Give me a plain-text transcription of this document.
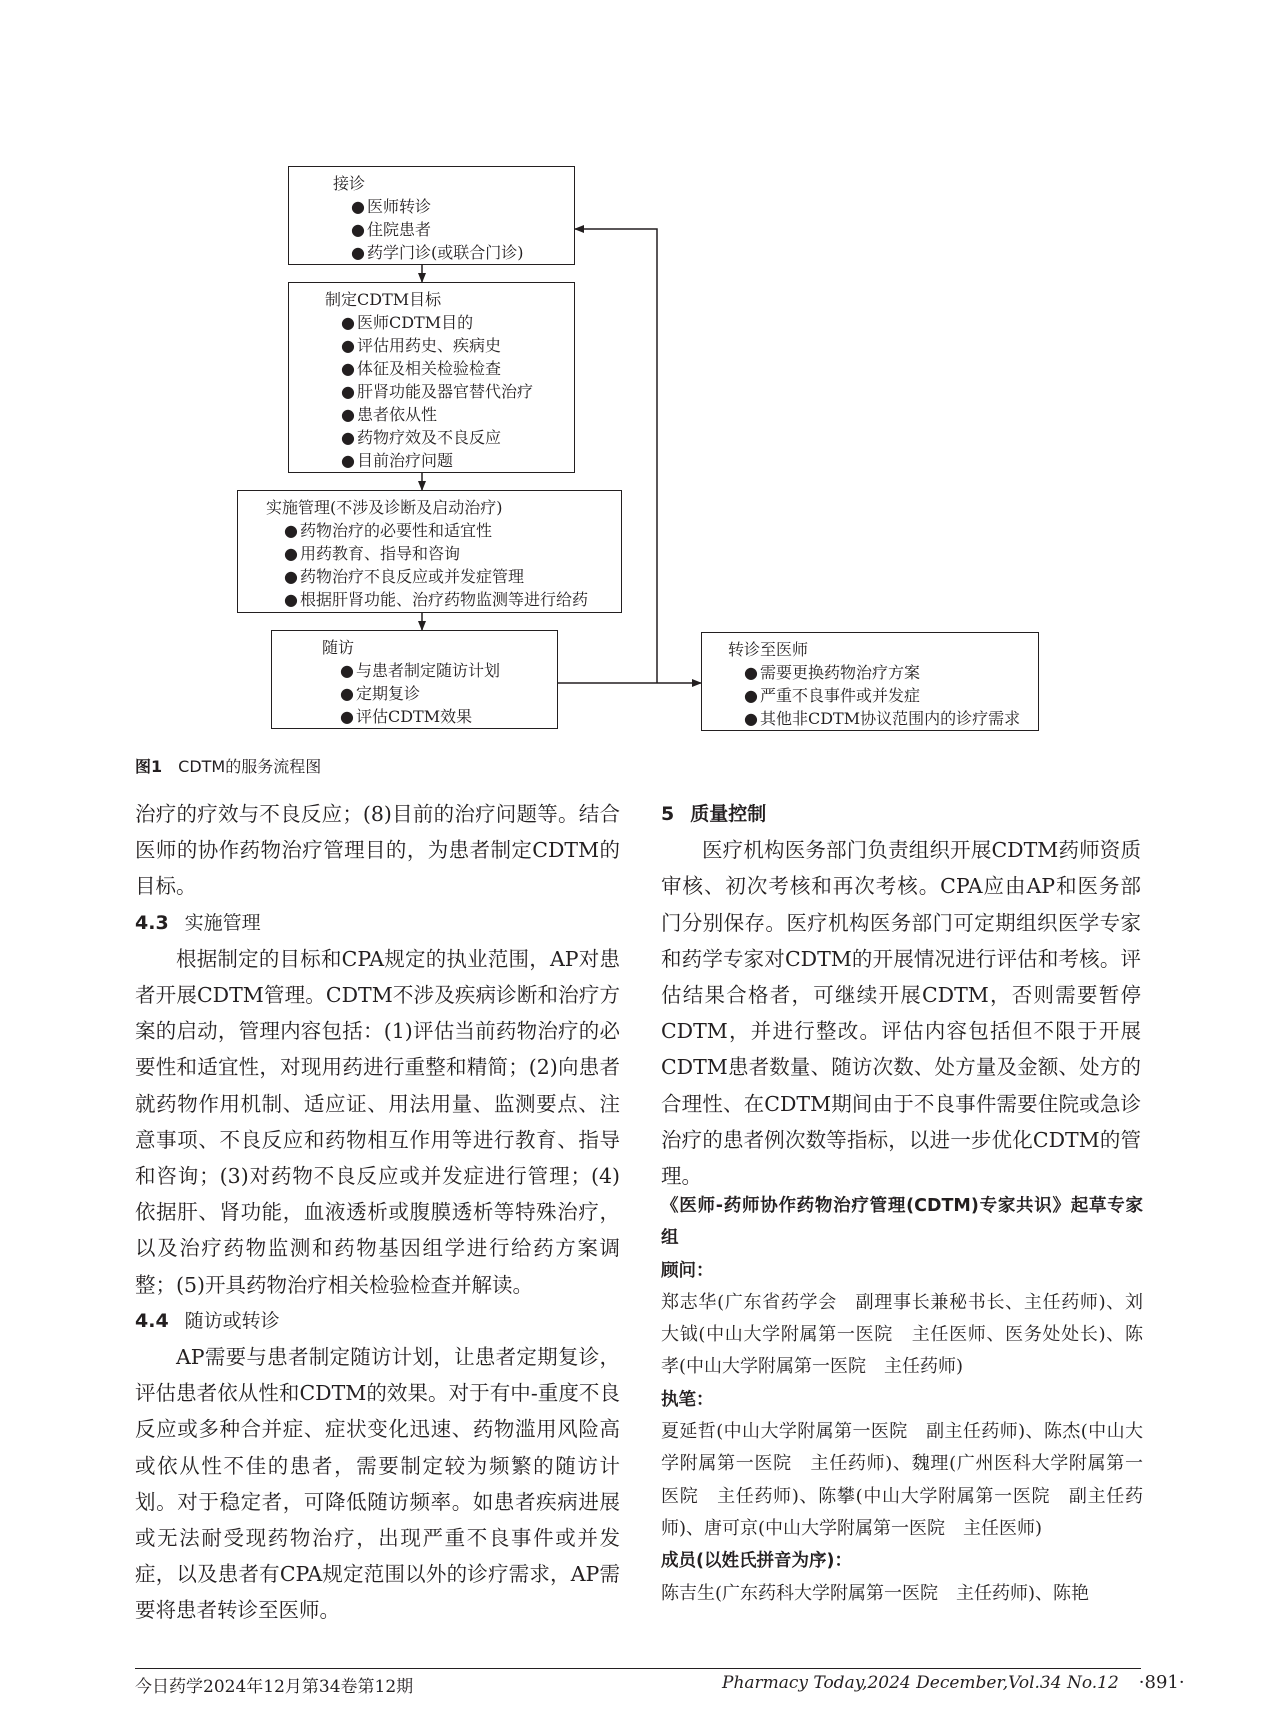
接诊
● 医师转诊
● 住院患者
● 药学门诊(或联合门诊)
制定CDTM目标
● 医师CDTM目的
● 评估用药史、疾病史
● 体征及相关检验检查
● 肝肾功能及器官替代治疗
● 患者依从性
● 药物疗效及不良反应
● 目前治疗问题
实施管理(不涉及诊断及启动治疗)
● 药物治疗的必要性和适宜性
● 用药教育、指导和咨询
● 药物治疗不良反应或并发症管理
● 根据肝肾功能、治疗药物监测等进行给药
随访
● 与患者制定随访计划
● 定期复诊
● 评估CDTM效果
转诊至医师
● 需要更换药物治疗方案
● 严重不良事件或并发症
● 其他非CDTM协议范围内的诊疗需求
图1 CDTM的服务流程图

治疗的疗效与不良反应；(8)目前的治疗问题等。结合医师的协作药物治疗管理目的，为患者制定CDTM的目标。

4.3 实施管理

根据制定的目标和CPA规定的执业范围，AP对患者开展CDTM管理。CDTM不涉及疾病诊断和治疗方案的启动，管理内容包括：(1)评估当前药物治疗的必要性和适宜性，对现用药进行重整和精简；(2)向患者就药物作用机制、适应证、用法用量、监测要点、注意事项、不良反应和药物相互作用等进行教育、指导和咨询；(3)对药物不良反应或并发症进行管理；(4)依据肝、肾功能，血液透析或腹膜透析等特殊治疗，以及治疗药物监测和药物基因组学进行给药方案调整；(5)开具药物治疗相关检验检查并解读。

4.4 随访或转诊

AP需要与患者制定随访计划，让患者定期复诊，评估患者依从性和CDTM的效果。对于有中-重度不良反应或多种合并症、症状变化迅速、药物滥用风险高或依从性不佳的患者，需要制定较为频繁的随访计划。对于稳定者，可降低随访频率。如患者疾病进展或无法耐受现药物治疗，出现严重不良事件或并发症，以及患者有CPA规定范围以外的诊疗需求，AP需要将患者转诊至医师。

5 质量控制

医疗机构医务部门负责组织开展CDTM药师资质审核、初次考核和再次考核。CPA应由AP和医务部门分别保存。医疗机构医务部门可定期组织医学专家和药学专家对CDTM的开展情况进行评估和考核。评估结果合格者，可继续开展CDTM，否则需要暂停CDTM，并进行整改。评估内容包括但不限于开展CDTM患者数量、随访次数、处方量及金额、处方的合理性、在CDTM期间由于不良事件需要住院或急诊治疗的患者例次数等指标，以进一步优化CDTM的管理。

《医师-药师协作药物治疗管理(CDTM)专家共识》起草专家组

顾问：

郑志华(广东省药学会　副理事长兼秘书长、主任药师)、刘大钺(中山大学附属第一医院　主任医师、医务处处长)、陈孝(中山大学附属第一医院　主任药师)

执笔：

夏延哲(中山大学附属第一医院　副主任药师)、陈杰(中山大学附属第一医院　主任药师)、魏理(广州医科大学附属第一医院　主任药师)、陈攀(中山大学附属第一医院　副主任药师)、唐可京(中山大学附属第一医院　主任医师)

成员(以姓氏拼音为序)：

陈吉生(广东药科大学附属第一医院　主任药师)、陈艳

今日药学2024年12月第34卷第12期	Pharmacy Today,2024 December,Vol.34 No.12 ·891·
